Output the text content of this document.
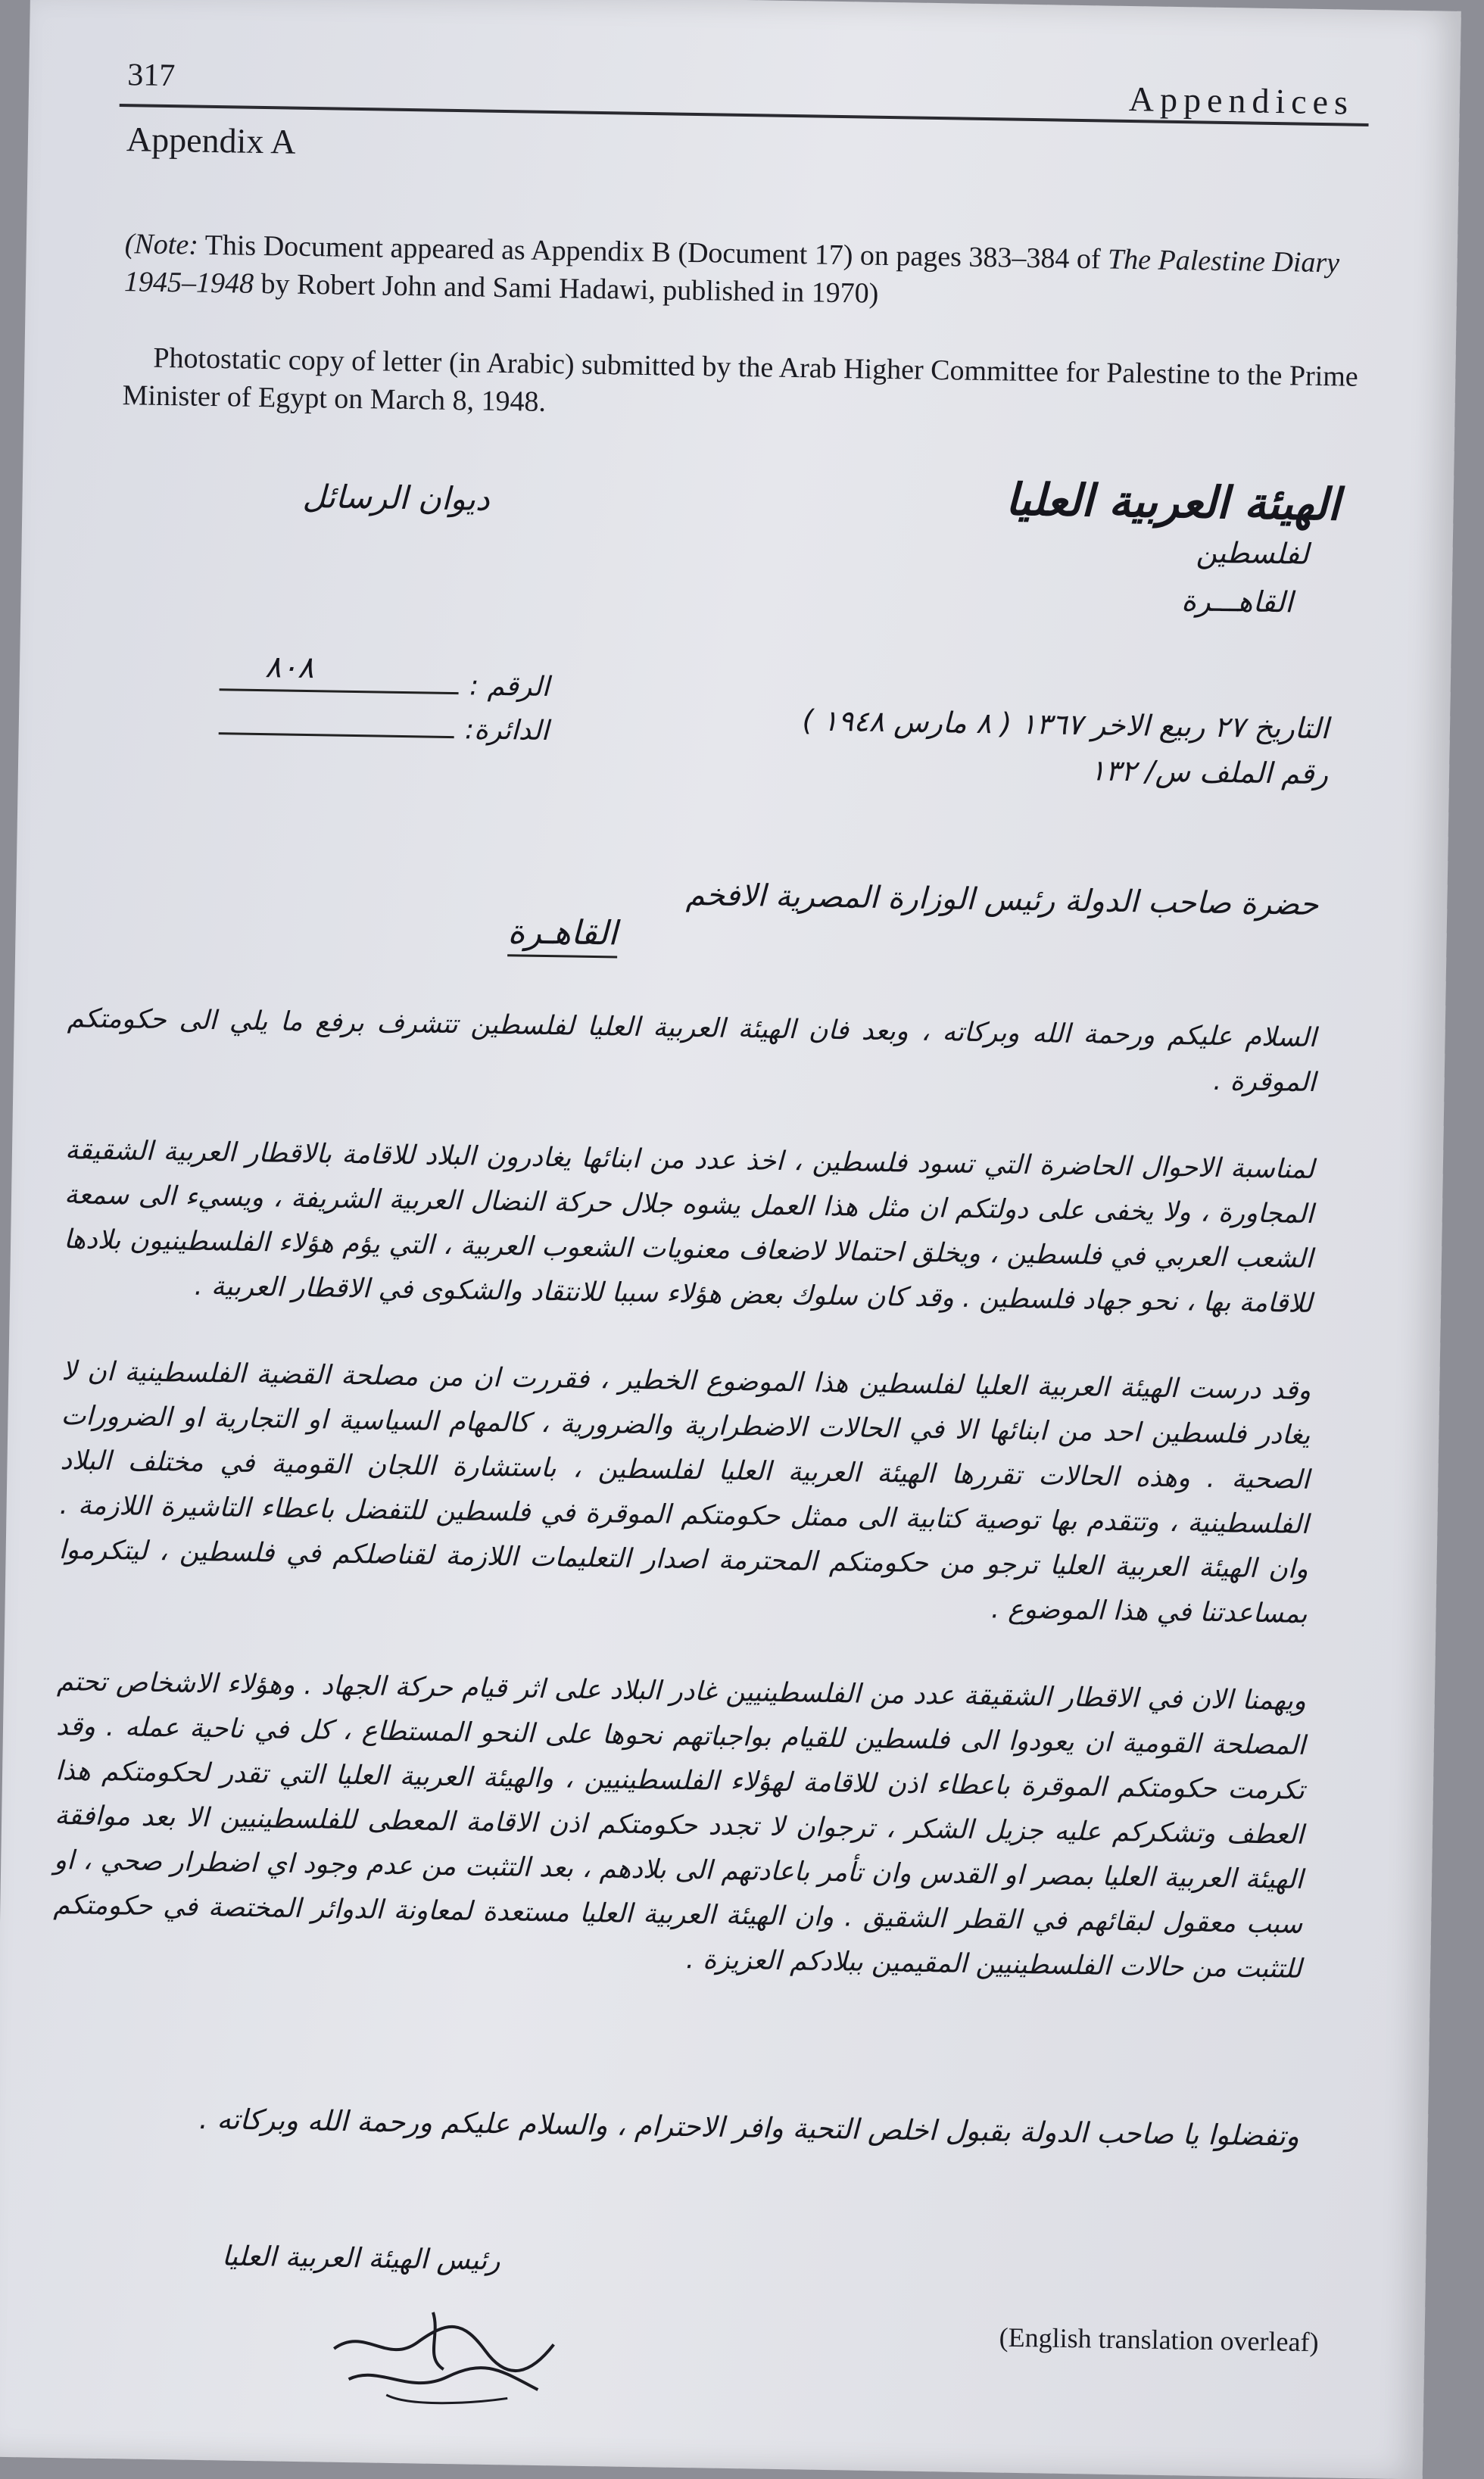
317
Appendices
Appendix A
(Note: This Document appeared as Appendix B (Document 17) on pages 383–384 of The Palestine Diary 1945–1948 by Robert John and Sami Hadawi, published in 1970)
Photostatic copy of letter (in Arabic) submitted by the Arab Higher Committee for Palestine to the Prime Minister of Egypt on March 8, 1948.
الهيئة العربية العليا
لفلسطين
القاهـــرة
ديوان الرسائل
الرقم :
٨٠٨
الدائرة:	التاريخ ٢٧ ربيع الاخر ١٣٦٧ ( ٨ مارس ١٩٤٨ )
رقم الملف س/ ١٣٢
حضرة صاحب الدولة رئيس الوزارة المصرية الافخم
القاهـرة

السلام عليكم ورحمة الله وبركاته ، وبعد فان الهيئة العربية العليا لفلسطين تتشرف برفع ما يلي الى حكومتكم الموقرة .

لمناسبة الاحوال الحاضرة التي تسود فلسطين ، اخذ عدد من ابنائها يغادرون البلاد للاقامة بالاقطار العربية الشقيقة المجاورة ، ولا يخفى على دولتكم ان مثل هذا العمل يشوه جلال حركة النضال العربية الشريفة ، ويسيء الى سمعة الشعب العربي في فلسطين ، ويخلق احتمالا لاضعاف معنويات الشعوب العربية ، التي يؤم هؤلاء الفلسطينيون بلادها للاقامة بها ، نحو جهاد فلسطين . وقد كان سلوك بعض هؤلاء سببا للانتقاد والشكوى في الاقطار العربية .

وقد درست الهيئة العربية العليا لفلسطين هذا الموضوع الخطير ، فقررت ان من مصلحة القضية الفلسطينية ان لا يغادر فلسطين احد من ابنائها الا في الحالات الاضطرارية والضرورية ، كالمهام السياسية او التجارية او الضرورات الصحية . وهذه الحالات تقررها الهيئة العربية العليا لفلسطين ، باستشارة اللجان القومية في مختلف البلاد الفلسطينية ، وتتقدم بها توصية كتابية الى ممثل حكومتكم الموقرة في فلسطين للتفضل باعطاء التاشيرة اللازمة . وان الهيئة العربية العليا ترجو من حكومتكم المحترمة اصدار التعليمات اللازمة لقناصلكم في فلسطين ، ليتكرموا بمساعدتنا في هذا الموضوع .

ويهمنا الان في الاقطار الشقيقة عدد من الفلسطينيين غادر البلاد على اثر قيام حركة الجهاد . وهؤلاء الاشخاص تحتم المصلحة القومية ان يعودوا الى فلسطين للقيام بواجباتهم نحوها على النحو المستطاع ، كل في ناحية عمله . وقد تكرمت حكومتكم الموقرة باعطاء اذن للاقامة لهؤلاء الفلسطينيين ، والهيئة العربية العليا التي تقدر لحكومتكم هذا العطف وتشكركم عليه جزيل الشكر ، ترجوان لا تجدد حكومتكم اذن الاقامة المعطى للفلسطينيين الا بعد موافقة الهيئة العربية العليا بمصر او القدس وان تأمر باعادتهم الى بلادهم ، بعد التثبت من عدم وجود اي اضطرار صحي ، او سبب معقول لبقائهم في القطر الشقيق . وان الهيئة العربية العليا مستعدة لمعاونة الدوائر المختصة في حكومتكم للتثبت من حالات الفلسطينيين المقيمين ببلادكم العزيزة .

وتفضلوا يا صاحب الدولة بقبول اخلص التحية وافر الاحترام ، والسلام عليكم ورحمة الله وبركاته .
رئيس الهيئة العربية العليا
(English translation overleaf)
